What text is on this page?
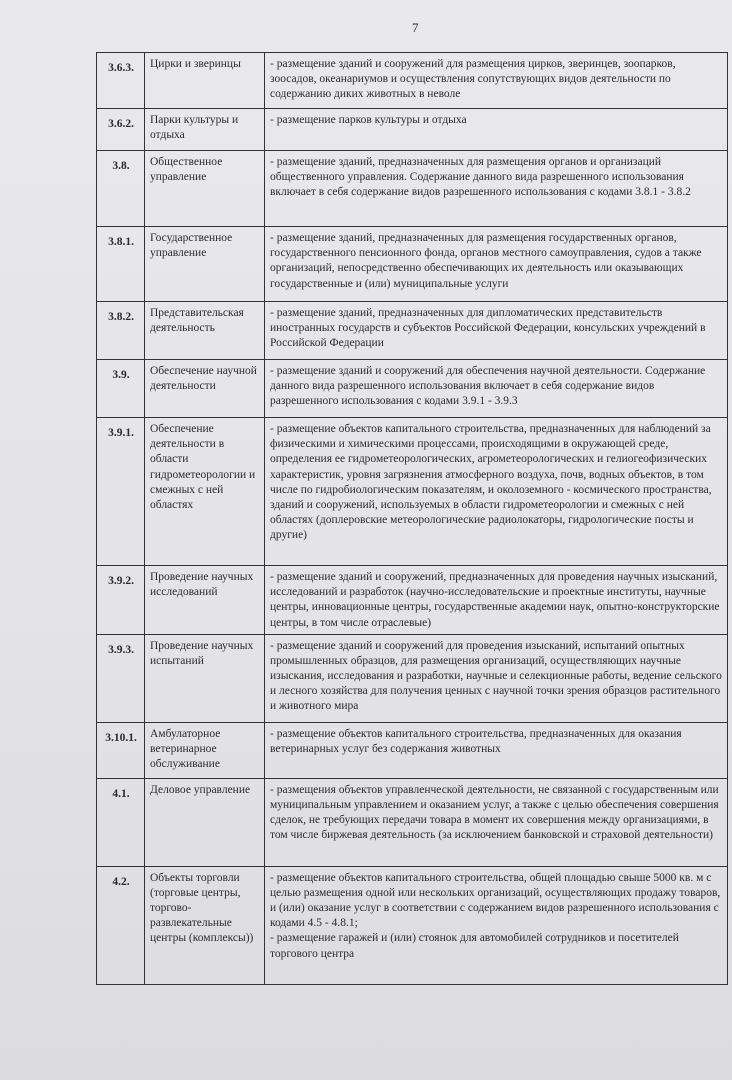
7
3.6.3.	Цирки и зверинцы	- размещение зданий и сооружений для размещения цирков, зверинцев, зоопарков, зоосадов, океанариумов и осуществления сопутствующих видов деятельности по содержанию диких животных в неволе
3.6.2.	Парки культуры и отдыха	- размещение парков культуры и отдыха
3.8.	Общественное управление	- размещение зданий, предназначенных для размещения органов и организаций общественного управления. Содержание данного вида разрешенного использования включает в себя содержание видов разрешенного использования с кодами 3.8.1 - 3.8.2
3.8.1.	Государственное управление	- размещение зданий, предназначенных для размещения государственных органов, государственного пенсионного фонда, органов местного самоуправления, судов а также организаций, непосредственно обеспечивающих их деятельность или оказывающих государственные и (или) муниципальные услуги
3.8.2.	Представительская деятельность	- размещение зданий, предназначенных для дипломатических представительств иностранных государств и субъектов Российской Федерации, консульских учреждений в Российской Федерации
3.9.	Обеспечение научной деятельности	- размещение зданий и сооружений для обеспечения научной деятельности. Содержание данного вида разрешенного использования включает в себя содержание видов разрешенного использования с кодами 3.9.1 - 3.9.3
3.9.1.	Обеспечение деятельности в области гидрометеорологии и смежных с ней областях	- размещение объектов капитального строительства, предназначенных для наблюдений за физическими и химическими процессами, происходящими в окружающей среде, определения ее гидрометеорологических, агрометеорологических и гелиогеофизических характеристик, уровня загрязнения атмосферного воздуха, почв, водных объектов, в том числе по гидробиологическим показателям, и околоземного - космического пространства, зданий и сооружений, используемых в области гидрометеорологии и смежных с ней областях (доплеровские метеорологические радиолокаторы, гидрологические посты и другие)
3.9.2.	Проведение научных исследований	- размещение зданий и сооружений, предназначенных для проведения научных изысканий, исследований и разработок (научно-исследовательские и проектные институты, научные центры, инновационные центры, государственные академии наук, опытно-конструкторские центры, в том числе отраслевые)
3.9.3.	Проведение научных испытаний	- размещение зданий и сооружений для проведения изысканий, испытаний опытных промышленных образцов, для размещения организаций, осуществляющих научные изыскания, исследования и разработки, научные и селекционные работы, ведение сельского и лесного хозяйства для получения ценных с научной точки зрения образцов растительного и животного мира
3.10.1.	Амбулаторное ветеринарное обслуживание	- размещение объектов капитального строительства, предназначенных для оказания ветеринарных услуг без содержания животных
4.1.	Деловое управление	- размещения объектов управленческой деятельности, не связанной с государственным или муниципальным управлением и оказанием услуг, а также с целью обеспечения совершения сделок, не требующих передачи товара в момент их совершения между организациями, в том числе биржевая деятельность (за исключением банковской и страховой деятельности)
4.2.	Объекты торговли (торговые центры, торгово-развлекательные центры (комплексы))	- размещение объектов капитального строительства, общей площадью свыше 5000 кв. м с целью размещения одной или нескольких организаций, осуществляющих продажу товаров, и (или) оказание услуг в соответствии с содержанием видов разрешенного использования с кодами 4.5 - 4.8.1;
- размещение гаражей и (или) стоянок для автомобилей сотрудников и посетителей торгового центра
